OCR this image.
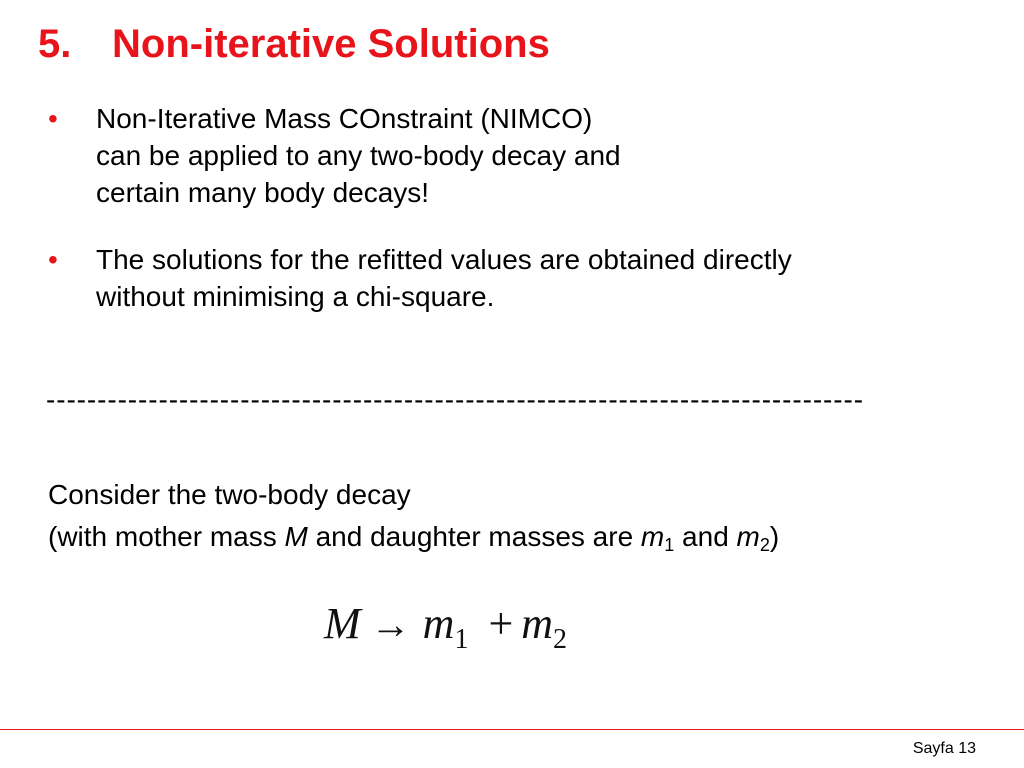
5. Non-iterative Solutions
• Non-Iterative Mass COnstraint (NIMCO)
can be applied to any two-body decay and
certain many body decays!
• The solutions for the refitted values are obtained directly
without minimising a chi-square.
--------------------------------------------------------------------------------
Consider the two-body decay
(with mother mass M and daughter masses are $m_1$ and $m_2$)
$M \to m_1 + m_2$
Sayfa 13
